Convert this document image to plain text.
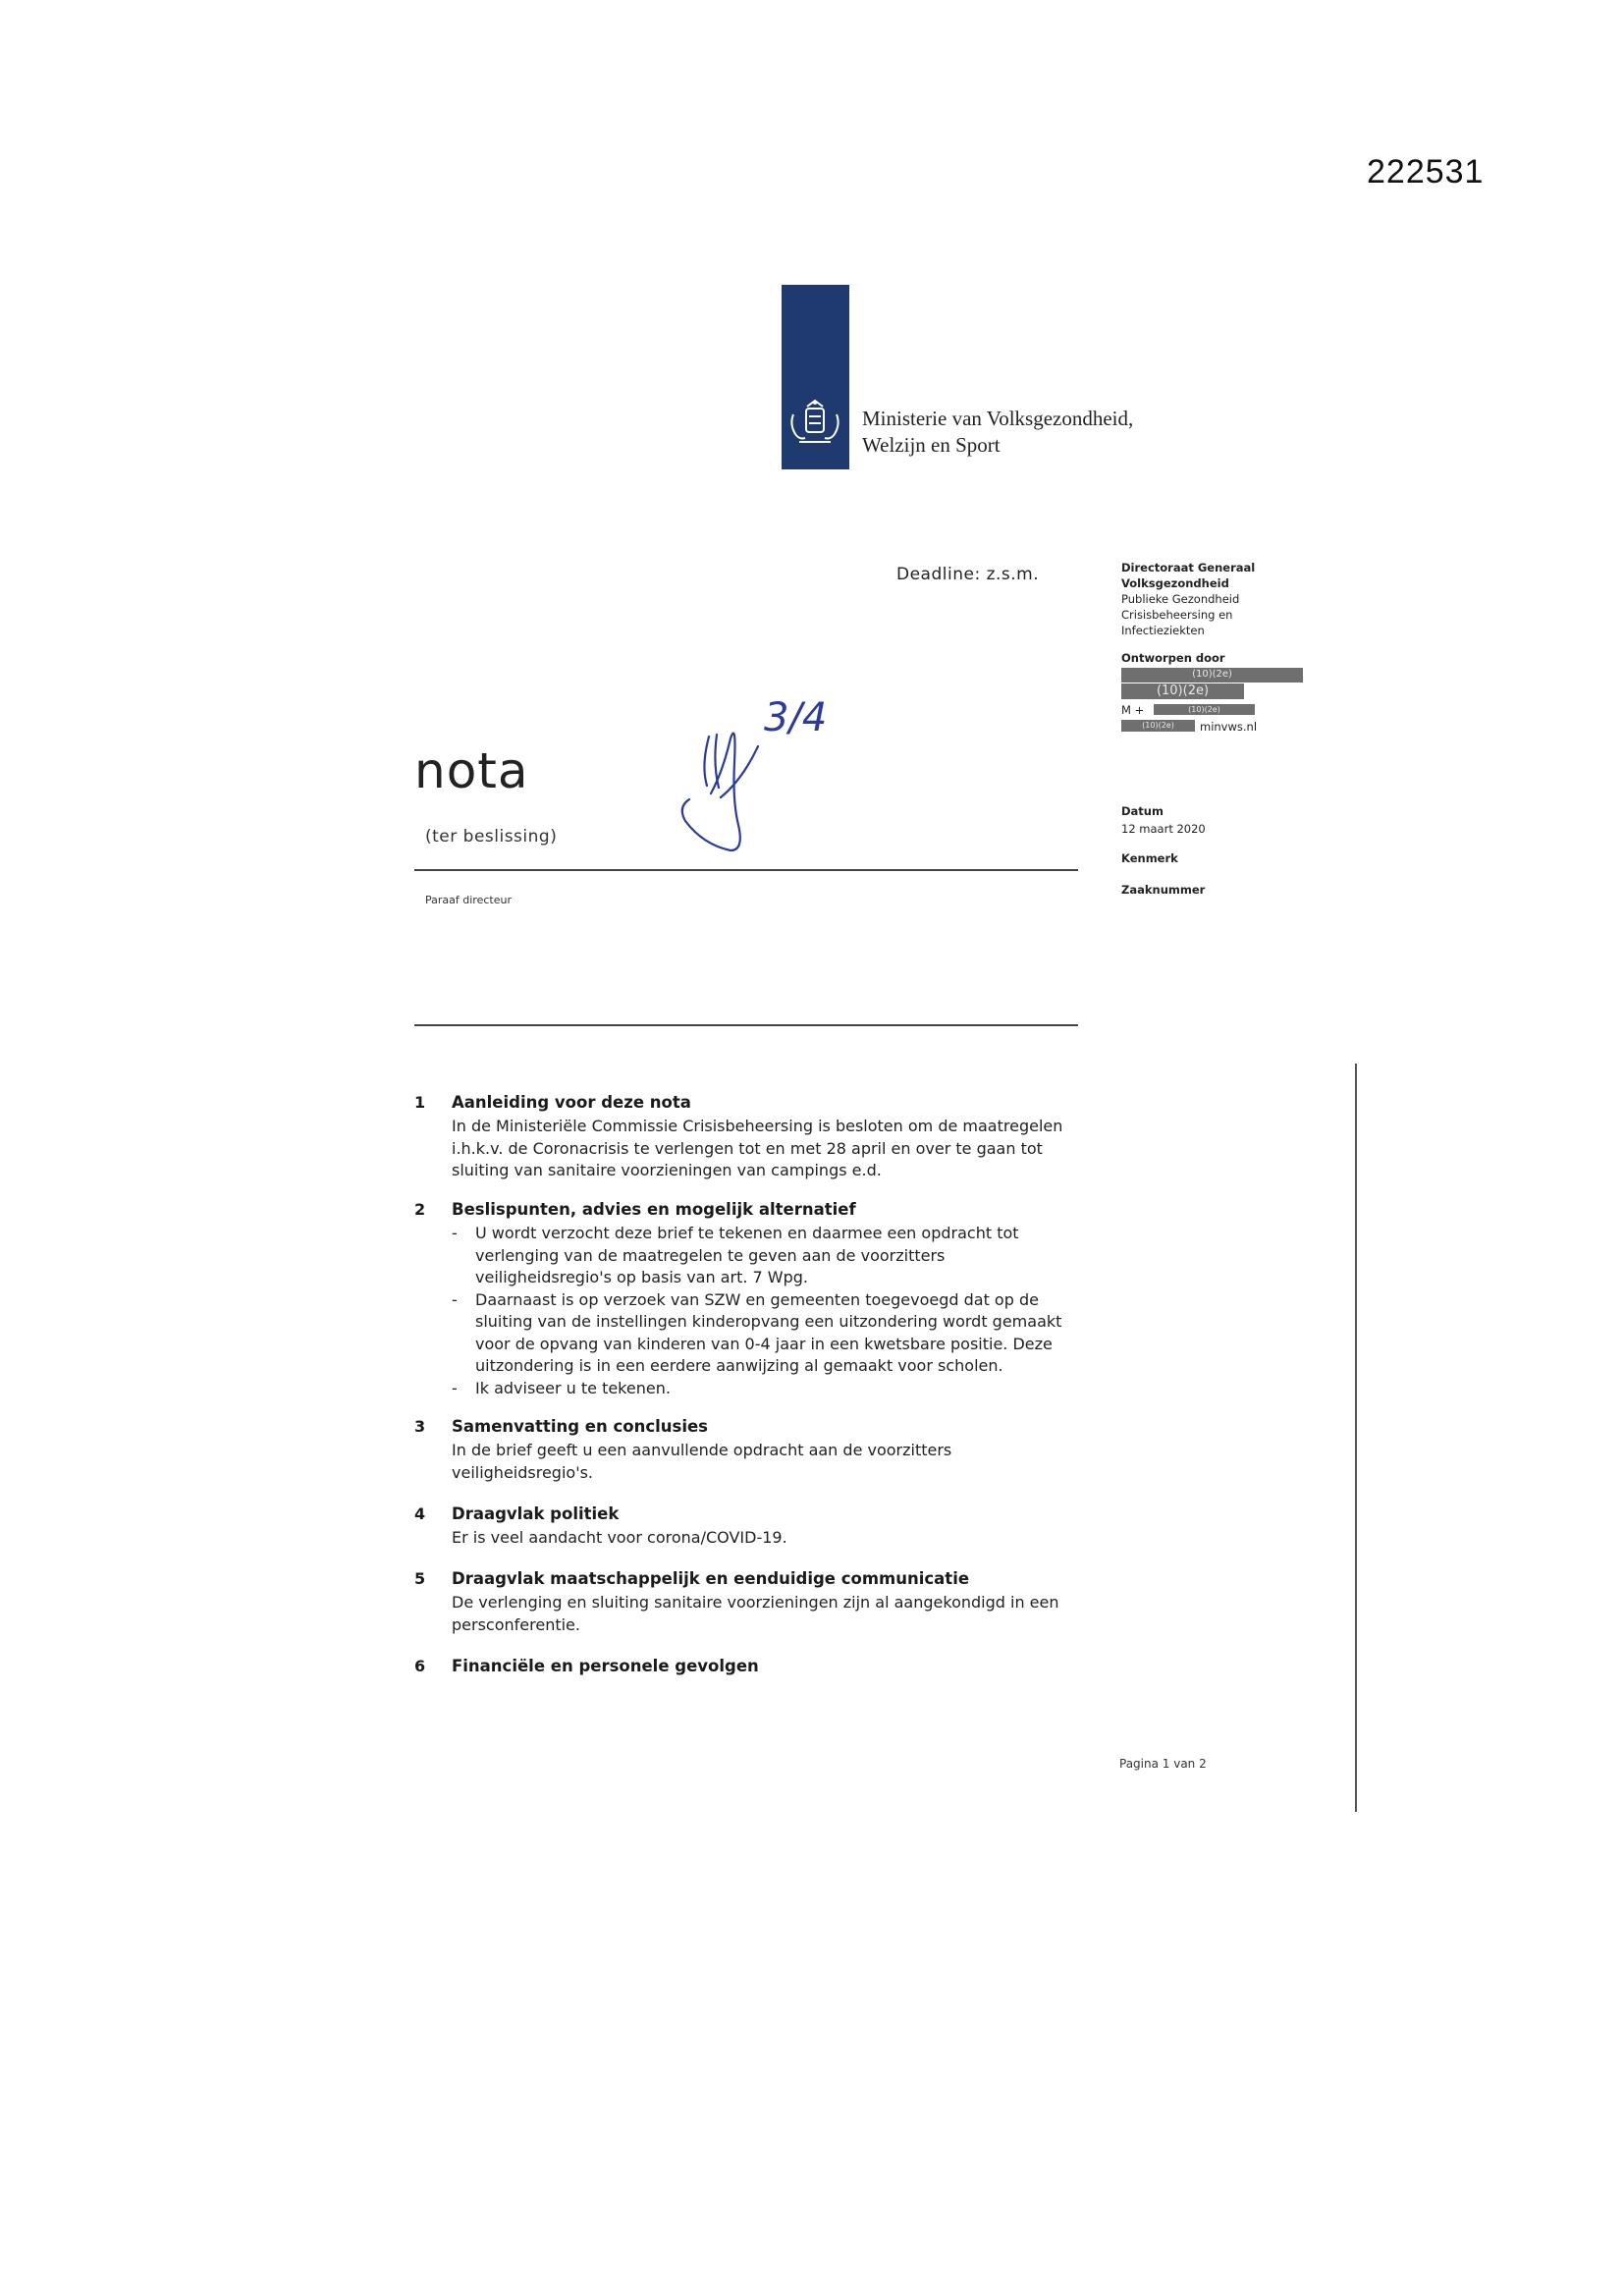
222531
Ministerie van Volksgezondheid,
Welzijn en Sport
Deadline: z.s.m.	Directoraat Generaal
Volksgezondheid
Publieke Gezondheid
Crisisbeheersing en
Infectieziekten
Ontworpen door
(10)(2e)
(10)(2e)
M +	(10)(2e)
(10)(2e)	minvws.nl
Datum
12 maart 2020
Kenmerk
Zaaknummer
nota
(ter beslissing)
Paraaf directeur
3/4
1 Aanleiding voor deze nota
In de Ministeriële Commissie Crisisbeheersing is besloten om de maatregelen
i.h.k.v. de Coronacrisis te verlengen tot en met 28 april en over te gaan tot
sluiting van sanitaire voorzieningen van campings e.d.
2 Beslispunten, advies en mogelijk alternatief
- U wordt verzocht deze brief te tekenen en daarmee een opdracht tot
verlenging van de maatregelen te geven aan de voorzitters
veiligheidsregio's op basis van art. 7 Wpg.
- Daarnaast is op verzoek van SZW en gemeenten toegevoegd dat op de
sluiting van de instellingen kinderopvang een uitzondering wordt gemaakt
voor de opvang van kinderen van 0-4 jaar in een kwetsbare positie. Deze
uitzondering is in een eerdere aanwijzing al gemaakt voor scholen.
- Ik adviseer u te tekenen.
3 Samenvatting en conclusies
In de brief geeft u een aanvullende opdracht aan de voorzitters
veiligheidsregio's.
4 Draagvlak politiek
Er is veel aandacht voor corona/COVID-19.
5 Draagvlak maatschappelijk en eenduidige communicatie
De verlenging en sluiting sanitaire voorzieningen zijn al aangekondigd in een
persconferentie.
6 Financiële en personele gevolgen
Pagina 1 van 2
